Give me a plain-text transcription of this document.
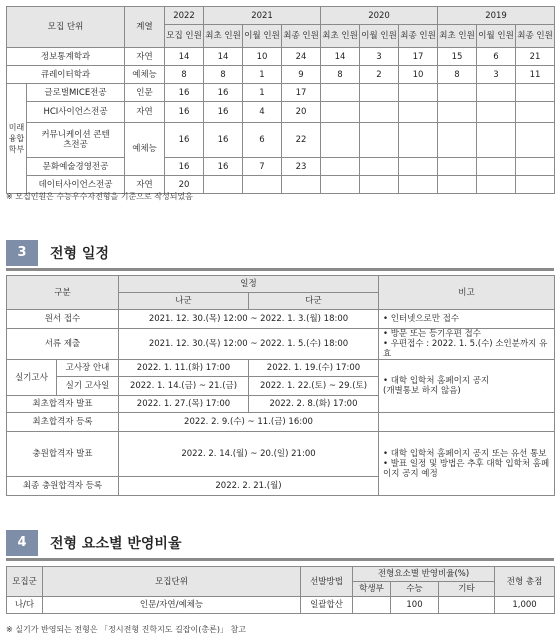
모집 단위		계열	2022	2021			2020			2019		
			모집 인원	최초 인원	이월 인원	최종 인원	최초 인원	이월 인원	최종 인원	최초 인원	이월 인원	최종 인원
정보통계학과		자연	14	14	10	24	14	3	17	15	6	21
큐레이터학과		예체능	8	8	1	9	8	2	10	8	3	11
미래 융합 학부	글로벌MICE전공	인문	16	16	1	17						
	HCI사이언스전공	자연	16	16	4	20						
	커뮤니케이션 콘텐츠전공	예체능	16	16	6	22						
	문화예술경영전공		16	16	7	23						
	데이터사이언스전공	자연	20									
※ 모집인원은 수능우수자전형을 기준으로 작성되었음
3	전형 일정
구분		일정		비고
		나군	다군	
원서 접수		2021. 12. 30.(목) 12:00 ~ 2022. 1. 3.(월) 18:00		• 인터넷으로만 접수
서류 제출		2021. 12. 30.(목) 12:00 ~ 2022. 1. 5.(수) 18:00		• 방문 또는 등기우편 접수
• 우편접수 : 2022. 1. 5.(수) 소인분까지 유효

실기고사	고사장 안내	2022. 1. 11.(화) 17:00	2022. 1. 19.(수) 17:00	• 대학 입학처 홈페이지 공지
(개별통보 하지 않음)

	실기 고사일	2022. 1. 14.(금) ~ 21.(금)	2022. 1. 22.(토) ~ 29.(토)	
최초합격자 발표		2022. 1. 27.(목) 17:00	2022. 2. 8.(화) 17:00	
최초합격자 등록		2022. 2. 9.(수) ~ 11.(금) 16:00		
충원합격자 발표		2022. 2. 14.(월) ~ 20.(일) 21:00		• 대학 입학처 홈페이지 공지 또는 유선 통보
• 발표 일정 및 방법은 추후 대학 입학처 홈페이지 공지 예정

최종 충원합격자 등록		2022. 2. 21.(월)		
4	전형 요소별 반영비율
모집군	모집단위	선발방법	전형요소별 반영비율(%)			전형 총점
			학생부	수능	기타	
나/다	인문/자연/예체능	일괄합산		100		1,000
※ 실기가 반영되는 전형은 「정시전형 진학지도 길잡이(총론)」 참고
